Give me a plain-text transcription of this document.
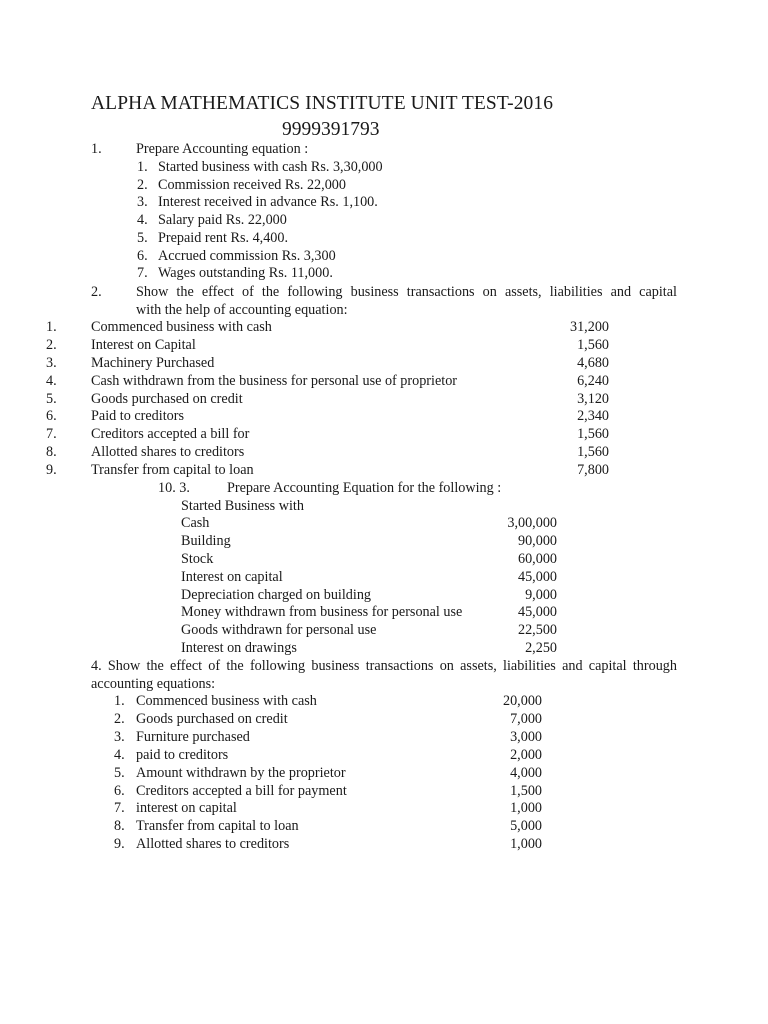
ALPHA MATHEMATICS INSTITUTE UNIT TEST-2016
9999391793
1. Prepare Accounting equation :
1. Started business with cash Rs. 3,30,000
2. Commission received Rs. 22,000
3. Interest received in advance Rs. 1,100.
4. Salary paid Rs. 22,000
5. Prepaid rent Rs. 4,400.
6. Accrued commission Rs. 3,300
7. Wages outstanding Rs. 11,000.
2. Show the effect of the following business transactions on assets, liabilities and capital
with the help of accounting equation:
1. Commenced business with cash	31,200
2. Interest on Capital	1,560
3. Machinery Purchased	4,680
4. Cash withdrawn from the business for personal use of proprietor	6,240
5. Goods purchased on credit	3,120
6. Paid to creditors	2,340
7. Creditors accepted a bill for	1,560
8. Allotted shares to creditors	1,560
9. Transfer from capital to loan	7,800
10. 3.	Prepare Accounting Equation for the following :
Started Business with
Cash	3,00,000
Building	90,000
Stock	60,000
Interest on capital	45,000
Depreciation charged on building	9,000
Money withdrawn from business for personal use	45,000
Goods withdrawn for personal use	22,500
Interest on drawings	2,250
4. Show the effect of the following business transactions on assets, liabilities and capital through
accounting equations:
1. Commenced business with cash	20,000
2. Goods purchased on credit	7,000
3. Furniture purchased	3,000
4. paid to creditors	2,000
5. Amount withdrawn by the proprietor	4,000
6. Creditors accepted a bill for payment	1,500
7. interest on capital	1,000
8. Transfer from capital to loan	5,000
9. Allotted shares to creditors	1,000
